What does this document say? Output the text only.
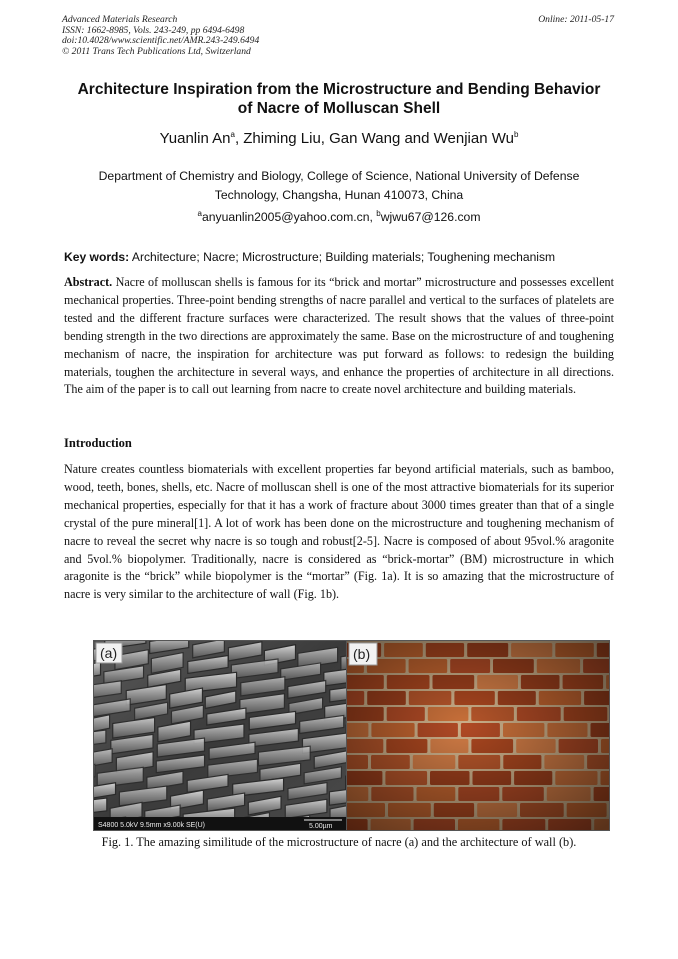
Advanced Materials Research
ISSN: 1662-8985, Vols. 243-249, pp 6494-6498
doi:10.4028/www.scientific.net/AMR.243-249.6494
© 2011 Trans Tech Publications Ltd, Switzerland
Online: 2011-05-17
Architecture Inspiration from the Microstructure and Bending Behavior
of Nacre of Molluscan Shell
Yuanlin An$^a$, Zhiming Liu, Gan Wang and Wenjian Wu$^b$
Department of Chemistry and Biology, College of Science, National University of Defense
Technology, Changsha, Hunan 410073, China
$^a$anyuanlin2005@yahoo.com.cn, $^b$wjwu67@126.com
Key words: Architecture; Nacre; Microstructure; Building materials; Toughening mechanism

Abstract. Nacre of molluscan shells is famous for its “brick and mortar” microstructure and possesses excellent mechanical properties. Three-point bending strengths of nacre parallel and vertical to the surfaces of platelets are tested and the different fracture surfaces were characterized. The result shows that the values of three-point bending strength in the two directions are approximately the same. Base on the microstructure of and toughening mechanism of nacre, the inspiration for architecture was put forward as follows: to redesign the building materials, toughen the architecture in several ways, and enhance the properties of architecture in all directions. The aim of the paper is to call out learning from nacre to create novel architecture and building materials.

Introduction

Nature creates countless biomaterials with excellent properties far beyond artificial materials, such as bamboo, wood, teeth, bones, shells, etc. Nacre of molluscan shell is one of the most attractive biomaterials for its superior mechanical properties, especially for that it has a work of fracture about 3000 times greater than that of a single crystal of the pure mineral[1]. A lot of work has been done on the microstructure and toughening mechanism of nacre to reveal the secret why nacre is so tough and robust[2-5]. Nacre is composed of about 95vol.% aragonite and 5vol.% biopolymer. Traditionally, nacre is considered as “brick-mortar” (BM) microstructure in which aragonite is the “brick” while biopolymer is the “mortar” (Fig. 1a). It is so amazing that the microstructure of nacre is very similar to the architecture of wall (Fig. 1b).

(a)
S4800 5.0kV 9.5mm x9.00k SE(U)	5.00µm
(b)
Fig. 1. The amazing similitude of the microstructure of nacre (a) and the architecture of wall (b).
